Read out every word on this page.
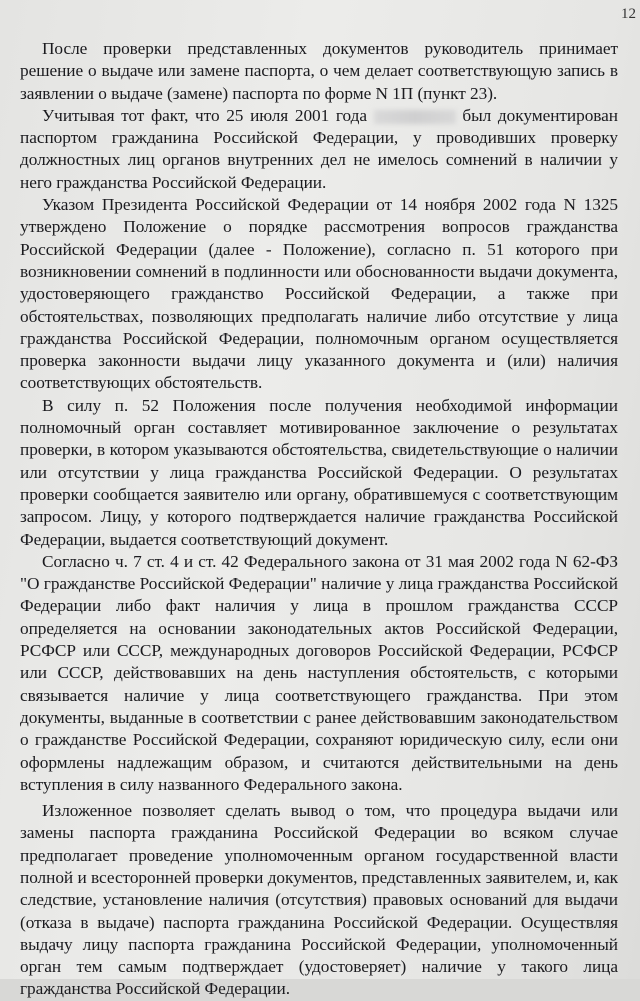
12

После проверки представленных документов руководитель принимает решение о выдаче или замене паспорта, о чем делает соответствующую запись в заявлении о выдаче (замене) паспорта по форме N 1П (пункт 23).

Учитывая тот факт, что 25 июля 2001 года	был документирован паспортом гражданина Российской Федерации, у проводивших проверку должностных лиц органов внутренних дел не имелось сомнений в наличии у него гражданства Российской Федерации.

Указом Президента Российской Федерации от 14 ноября 2002 года N 1325 утверждено Положение о порядке рассмотрения вопросов гражданства Российской Федерации (далее - Положение), согласно п. 51 которого при возникновении сомнений в подлинности или обоснованности выдачи документа, удостоверяющего гражданство Российской Федерации, а также при обстоятельствах, позволяющих предполагать наличие либо отсутствие у лица гражданства Российской Федерации, полномочным органом осуществляется проверка законности выдачи лицу указанного документа и (или) наличия соответствующих обстоятельств.

В силу п. 52 Положения после получения необходимой информации полномочный орган составляет мотивированное заключение о результатах проверки, в котором указываются обстоятельства, свидетельствующие о наличии или отсутствии у лица гражданства Российской Федерации. О результатах проверки сообщается заявителю или органу, обратившемуся с соответствующим запросом. Лицу, у которого подтверждается наличие гражданства Российской Федерации, выдается соответствующий документ.

Согласно ч. 7 ст. 4 и ст. 42 Федерального закона от 31 мая 2002 года N 62-ФЗ "О гражданстве Российской Федерации" наличие у лица гражданства Российской Федерации либо факт наличия у лица в прошлом гражданства СССР определяется на основании законодательных актов Российской Федерации, РСФСР или СССР, международных договоров Российской Федерации, РСФСР или СССР, действовавших на день наступления обстоятельств, с которыми связывается наличие у лица соответствующего гражданства. При этом документы, выданные в соответствии с ранее действовавшим законодательством о гражданстве Российской Федерации, сохраняют юридическую силу, если они оформлены надлежащим образом, и считаются действительными на день вступления в силу названного Федерального закона.

Изложенное позволяет сделать вывод о том, что процедура выдачи или замены паспорта гражданина Российской Федерации во всяком случае предполагает проведение уполномоченным органом государственной власти полной и всесторонней проверки документов, представленных заявителем, и, как следствие, установление наличия (отсутствия) правовых оснований для выдачи (отказа в выдаче) паспорта гражданина Российской Федерации. Осуществляя выдачу лицу паспорта гражданина Российской Федерации, уполномоченный орган тем самым подтверждает (удостоверяет) наличие у такого лица гражданства Российской Федерации.
